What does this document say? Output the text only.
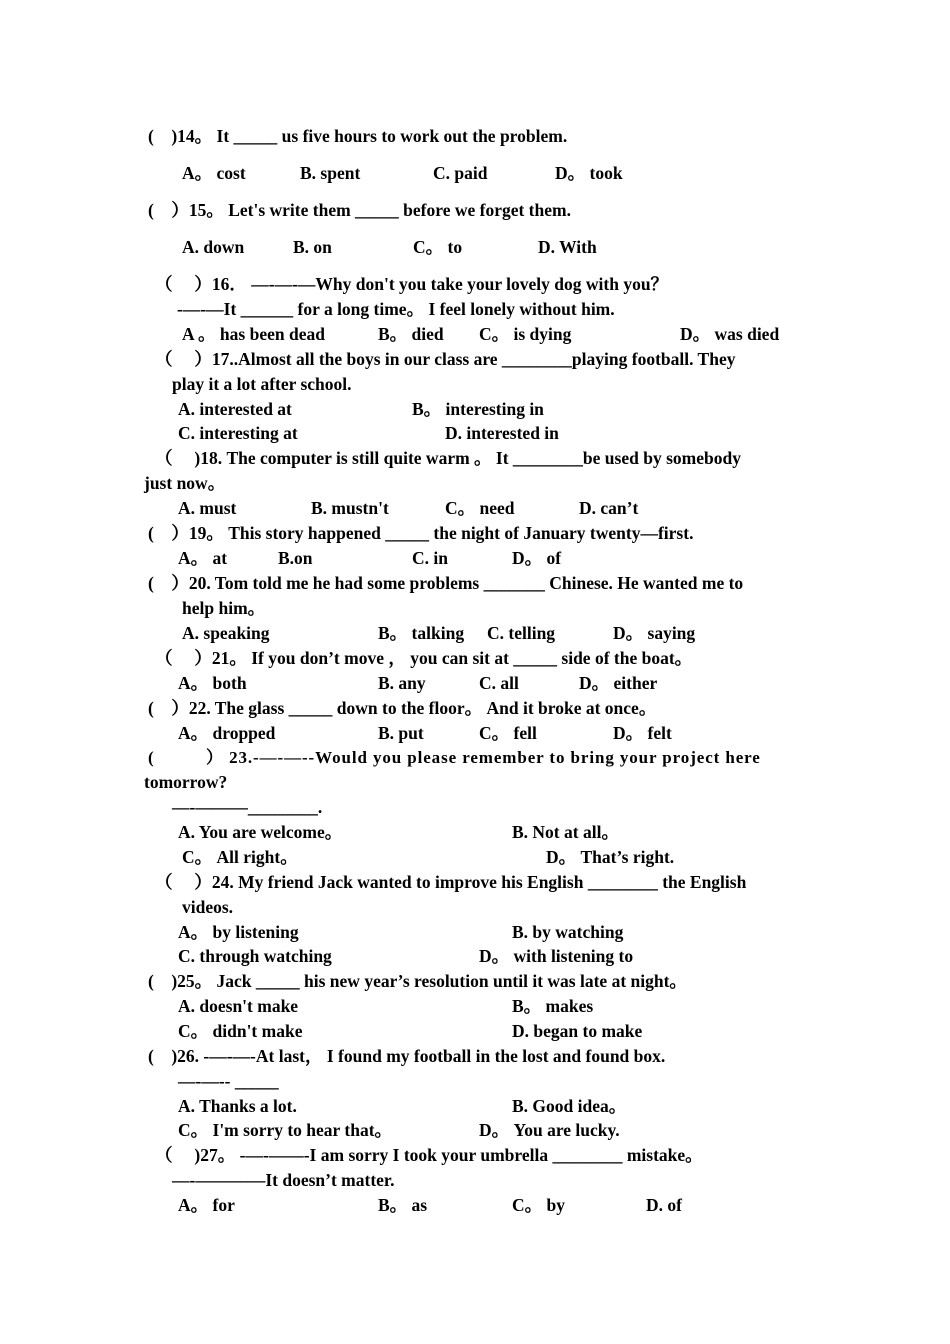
(    )14。 It _____ us five hours to work out the problem.
A。 cost	B. spent	C. paid	D。 took
(    ）15。 Let's write them _____ before we forget them.
A. down	B. on	C。 to	D. With
（     ）16． —-—-—Why don't you take your lovely dog with you？
-—-—It ______ for a long time。 I feel lonely without him.
A 。 has been dead	B。 died C。 is dying	D。 was died
（     ）17..Almost all the boys in our class are ________playing football. They
play it a lot after school.
A. interested at	B。 interesting in
C. interesting at	D. interested in
（     )18. The computer is still quite warm 。 It ________be used by somebody
just now。
A. must	B. mustn't	C。 need	D. can’t
(    ）19。 This story happened _____ the night of January twenty—first.
A。 at	B.on	C. in	D。 of
(    ）20. Tom told me he had some problems _______ Chinese. He wanted me to
help him。
A. speaking	B。 talking C. telling	D。 saying
（     ）21。 If you don’t move ， you can sit at _____ side of the boat。
A。 both	B. any	C. all	D。 either
(    ）22. The glass _____ down to the floor。 And it broke at once。
A。 dropped	B. put	C。 fell	D。 felt
(          ） 23.-—-—--Would you please remember to bring your project here
tomorrow?
—-———________.
A. You are welcome。	B. Not at all。
C。 All right。	D。 That’s right.
（     ）24. My friend Jack wanted to improve his English ________ the English
videos.
A。 by listening	B. by watching
C. through watching	D。 with listening to
(    )25。 Jack _____ his new year’s resolution until it was late at night。
A. doesn't make	B。 makes
C。 didn't make	D. began to make
(    )26. -—-—-At last， I found my football in the lost and found box.
—-—-- _____
A. Thanks a lot.	B. Good idea。
C。 I'm sorry to hear that。	D。 You are lucky.
（     )27。 -—-——-I am sorry I took your umbrella ________ mistake。
—-————It doesn’t matter.
A。 for	B。 as	C。 by	D. of
